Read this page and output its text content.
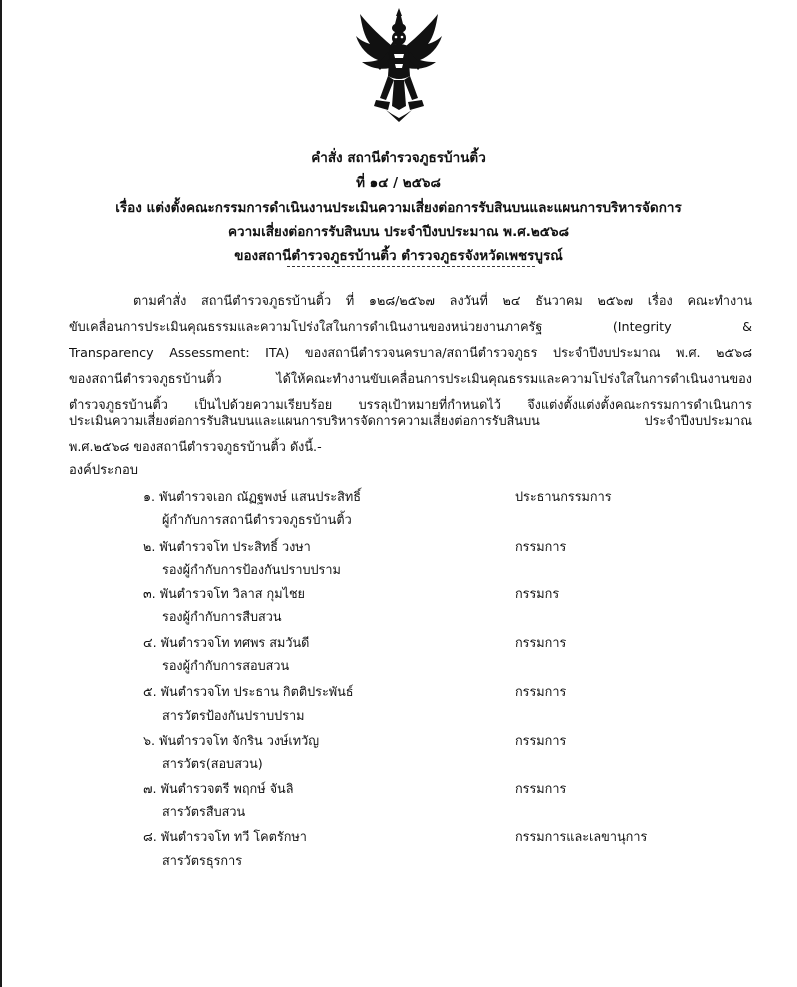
คำสั่ง สถานีตำรวจภูธรบ้านติ้ว
ที่ ๑๔ / ๒๕๖๘
เรื่อง แต่งตั้งคณะกรรมการดำเนินงานประเมินความเสี่ยงต่อการรับสินบนและแผนการบริหารจัดการ
ความเสี่ยงต่อการรับสินบน ประจำปีงบประมาณ พ.ศ.๒๕๖๘
ของสถานีตำรวจภูธรบ้านติ้ว ตำรวจภูธรจังหวัดเพชรบูรณ์
ตามคำสั่ง สถานีตำรวจภูธรบ้านติ้ว ที่ ๑๒๘/๒๕๖๗ ลงวันที่ ๒๔ ธันวาคม ๒๕๖๗ เรื่อง คณะทำงาน
ขับเคลื่อนการประเมินคุณธรรมและความโปร่งใสในการดำเนินงานของหน่วยงานภาครัฐ (Integrity &
Transparency Assessment: ITA) ของสถานีตำรวจนครบาล/สถานีตำรวจภูธร ประจำปีงบประมาณ พ.ศ. ๒๕๖๘
ของสถานีตำรวจภูธรบ้านติ้ว ได้ให้คณะทำงานขับเคลื่อนการประเมินคุณธรรมและความโปร่งใสในการดำเนินงานของ
ตำรวจภูธรบ้านติ้ว เป็นไปด้วยความเรียบร้อย บรรลุเป้าหมายที่กำหนดไว้ จึงแต่งตั้งแต่งตั้งคณะกรรมการดำเนินการ
ประเมินความเสี่ยงต่อการรับสินบนและแผนการบริหารจัดการความเสี่ยงต่อการรับสินบน ประจำปีงบประมาณ
พ.ศ.๒๕๖๘ ของสถานีตำรวจภูธรบ้านติ้ว ดังนี้.-
องค์ประกอบ
๑. พันตำรวจเอก ณัฏฐพงษ์ แสนประสิทธิ์
ผู้กำกับการสถานีตำรวจภูธรบ้านติ้ว
ประธานกรรมการ
๒. พันตำรวจโท ประสิทธิ์ วงษา
รองผู้กำกับการป้องกันปราบปราม
กรรมการ
๓. พันตำรวจโท วิลาส กุมไชย
รองผู้กำกับการสืบสวน
กรรมกร
๔. พันตำรวจโท ทศพร สมวันดี
รองผู้กำกับการสอบสวน
กรรมการ
๕. พันตำรวจโท ประธาน กิตติประพันธ์
สารวัตรป้องกันปราบปราม
กรรมการ
๖. พันตำรวจโท จักริน วงษ์เทวัญ
สารวัตร(สอบสวน)
กรรมการ
๗. พันตำรวจตรี พฤกษ์ จันลิ
สารวัตรสืบสวน
กรรมการ
๘. พันตำรวจโท ทวี โคตรักษา
สารวัตรธุรการ
กรรมการและเลขานุการ
